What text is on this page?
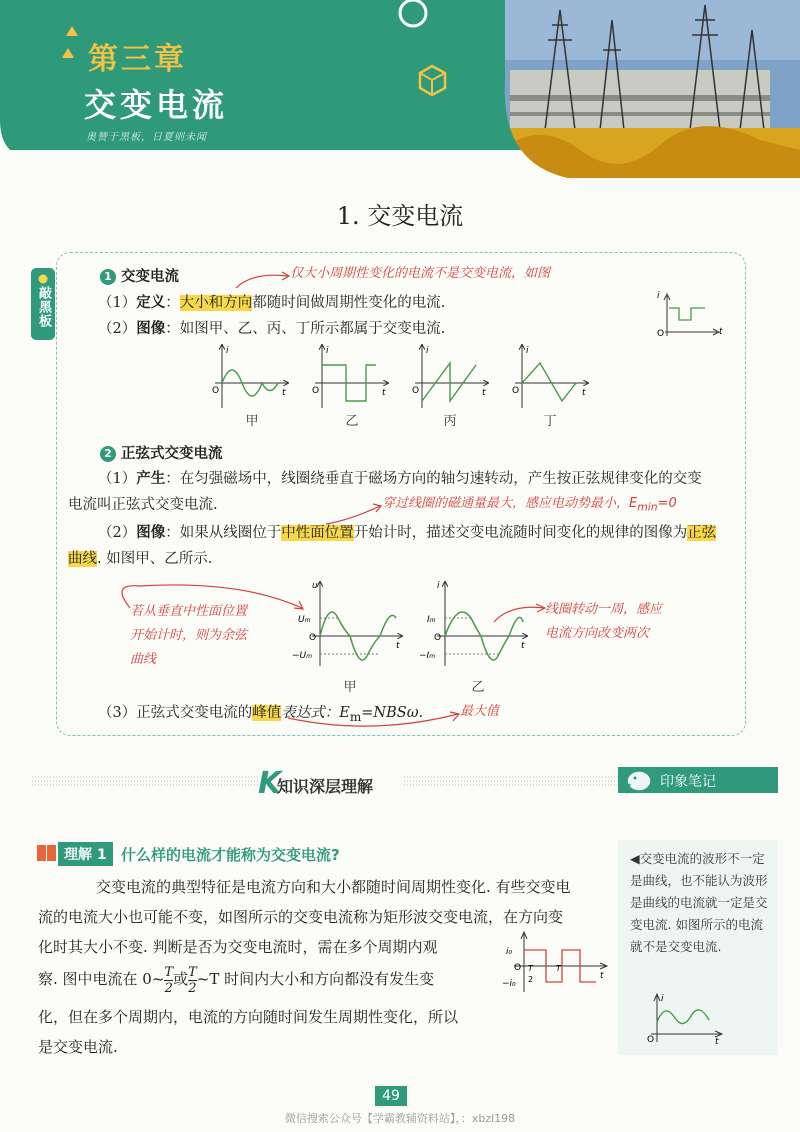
第三章
交变电流
奥赞于黑板，日夏则未闻
1. 交变电流
敲黑板
1 交变电流	仅大小周期性变化的电流不是交变电流，如图
（1）定义：大小和方向都随时间做周期性变化的电流.
（2）图像：如图甲、乙、丙、丁所示都属于交变电流.
i
t
O
i
t
O
i
t
O
i
t
O
i
t
O
甲	乙	丙	丁
2 正弦式交变电流
（1）产生：在匀强磁场中，线圈绕垂直于磁场方向的轴匀速转动，产生按正弦规律变化的交变
电流叫正弦式交变电流.	穿过线圈的磁通量最大，感应电动势最小，$E_{min}=0$
（2）图像：如果从线圈位于中性面位置开始计时，描述交变电流随时间变化的规律的图像为正弦
曲线. 如图甲、乙所示.
若从垂直中性面位置
开始计时，则为余弦
曲线
线圈转动一周，感应
电流方向改变两次
u
Um
O
−Um
t
i
Im
O
−Im
t
甲	乙
（3）正弦式交变电流的峰值表达式：$E_m=NBS\omega$.	最大值
K
知识深层理解	印象笔记
◀交变电流的波形不一定是曲线，也不能认为波形是曲线的电流就一定是交变电流. 如图所示的电流就不是交变电流.
i
t
O
理解 1 什么样的电流才能称为交变电流?
交变电流的典型特征是电流方向和大小都随时间周期性变化. 有些交变电
流的电流大小也可能不变，如图所示的交变电流称为矩形波交变电流，在方向变
化时其大小不变. 判断是否为交变电流时，需在多个周期内观
察. 图中电流在 0~ $\frac{T}{2}$ 或 $\frac{T}{2}$ ~T 时间内大小和方向都没有发生变
化，但在多个周期内，电流的方向随时间发生周期性变化，所以
是交变电流.
i₀
O
−i₀
T
2
T
t
49
微信搜索公众号【学霸教辅资料站】，：xbzl198
